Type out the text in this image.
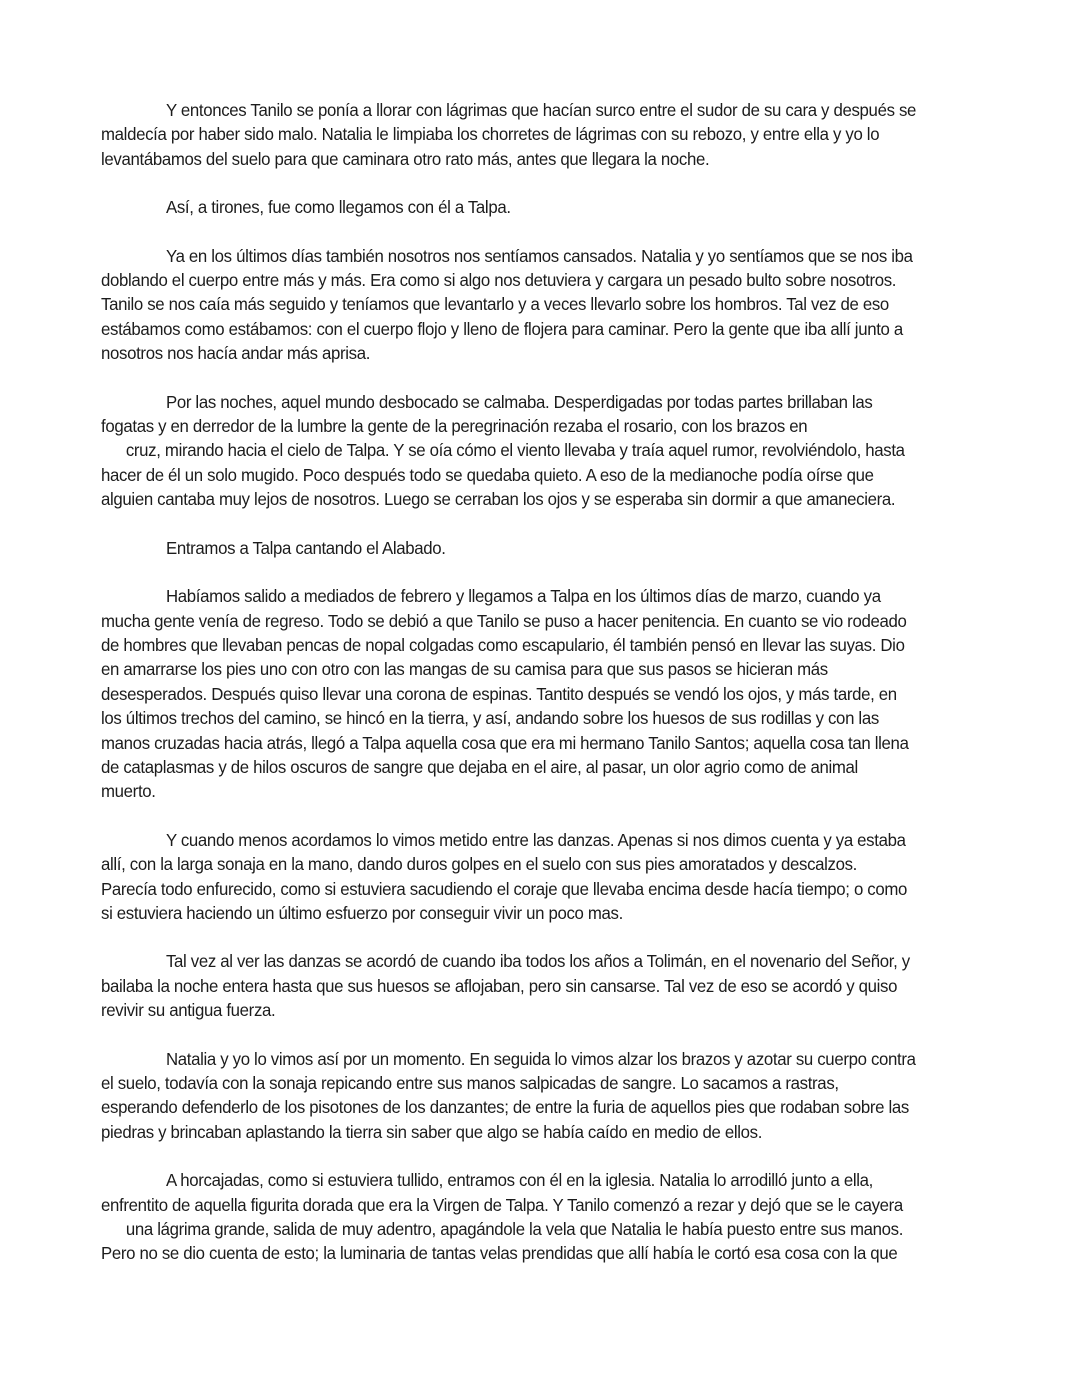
Y entonces Tanilo se ponía a llorar con lágrimas que hacían surco entre el sudor de su cara y después se
maldecía por haber sido malo. Natalia le limpiaba los chorretes de lágrimas con su rebozo, y entre ella y yo lo
levantábamos del suelo para que caminara otro rato más, antes que llegara la noche.
Así, a tirones, fue como llegamos con él a Talpa.
Ya en los últimos días también nosotros nos sentíamos cansados. Natalia y yo sentíamos que se nos iba
doblando el cuerpo entre más y más. Era como si algo nos detuviera y cargara un pesado bulto sobre nosotros.
Tanilo se nos caía más seguido y teníamos que levantarlo y a veces llevarlo sobre los hombros. Tal vez de eso
estábamos como estábamos: con el cuerpo flojo y lleno de flojera para caminar. Pero la gente que iba allí junto a
nosotros nos hacía andar más aprisa.
Por las noches, aquel mundo desbocado se calmaba. Desperdigadas por todas partes brillaban las
fogatas y en derredor de la lumbre la gente de la peregrinación rezaba el rosario, con los brazos en
cruz, mirando hacia el cielo de Talpa. Y se oía cómo el viento llevaba y traía aquel rumor, revolviéndolo, hasta
hacer de él un solo mugido. Poco después todo se quedaba quieto. A eso de la medianoche podía oírse que
alguien cantaba muy lejos de nosotros. Luego se cerraban los ojos y se esperaba sin dormir a que amaneciera.
Entramos a Talpa cantando el Alabado.
Habíamos salido a mediados de febrero y llegamos a Talpa en los últimos días de marzo, cuando ya
mucha gente venía de regreso. Todo se debió a que Tanilo se puso a hacer penitencia. En cuanto se vio rodeado
de hombres que llevaban pencas de nopal colgadas como escapulario, él también pensó en llevar las suyas. Dio
en amarrarse los pies uno con otro con las mangas de su camisa para que sus pasos se hicieran más
desesperados. Después quiso llevar una corona de espinas. Tantito después se vendó los ojos, y más tarde, en
los últimos trechos del camino, se hincó en la tierra, y así, andando sobre los huesos de sus rodillas y con las
manos cruzadas hacia atrás, llegó a Talpa aquella cosa que era mi hermano Tanilo Santos; aquella cosa tan llena
de cataplasmas y de hilos oscuros de sangre que dejaba en el aire, al pasar, un olor agrio como de animal
muerto.
Y cuando menos acordamos lo vimos metido entre las danzas. Apenas si nos dimos cuenta y ya estaba
allí, con la larga sonaja en la mano, dando duros golpes en el suelo con sus pies amoratados y descalzos.
Parecía todo enfurecido, como si estuviera sacudiendo el coraje que llevaba encima desde hacía tiempo; o como
si estuviera haciendo un último esfuerzo por conseguir vivir un poco mas.
Tal vez al ver las danzas se acordó de cuando iba todos los años a Tolimán, en el novenario del Señor, y
bailaba la noche entera hasta que sus huesos se aflojaban, pero sin cansarse. Tal vez de eso se acordó y quiso
revivir su antigua fuerza.
Natalia y yo lo vimos así por un momento. En seguida lo vimos alzar los brazos y azotar su cuerpo contra
el suelo, todavía con la sonaja repicando entre sus manos salpicadas de sangre. Lo sacamos a rastras,
esperando defenderlo de los pisotones de los danzantes; de entre la furia de aquellos pies que rodaban sobre las
piedras y brincaban aplastando la tierra sin saber que algo se había caído en medio de ellos.
A horcajadas, como si estuviera tullido, entramos con él en la iglesia. Natalia lo arrodilló junto a ella,
enfrentito de aquella figurita dorada que era la Virgen de Talpa. Y Tanilo comenzó a rezar y dejó que se le cayera
una lágrima grande, salida de muy adentro, apagándole la vela que Natalia le había puesto entre sus manos.
Pero no se dio cuenta de esto; la luminaria de tantas velas prendidas que allí había le cortó esa cosa con la que
